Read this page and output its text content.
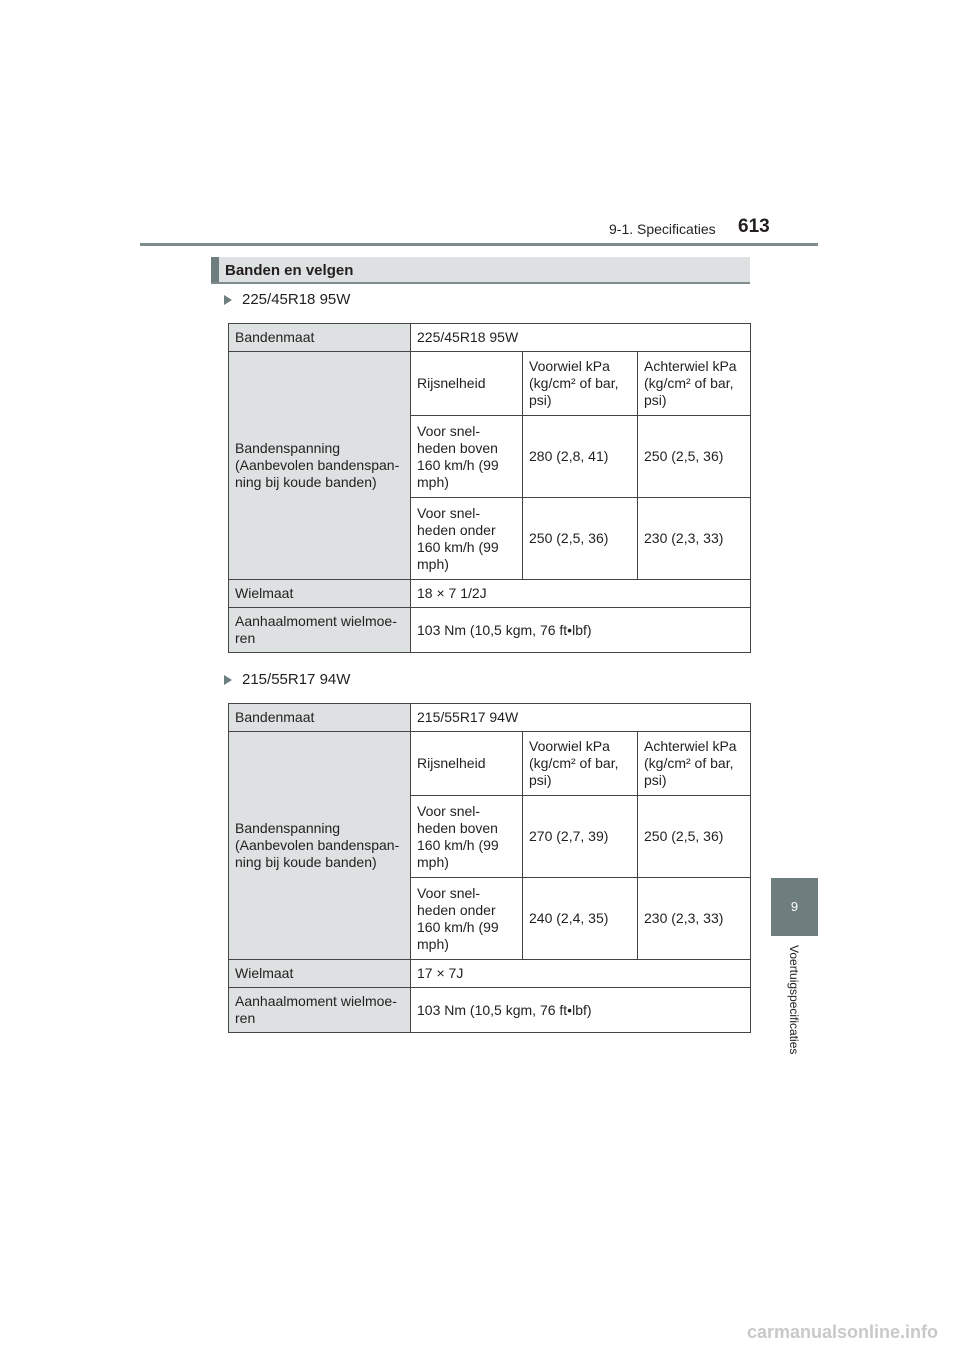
9-1. Specificaties 613
Banden en velgen
225/45R18 95W
Bandenmaat	225/45R18 95W		
Bandenspanning (Aanbevolen bandenspan-ning bij koude banden)	Rijsnelheid	Voorwiel kPa (kg/cm² of bar, psi)	Achterwiel kPa (kg/cm² of bar, psi)
	Voor snel-heden boven 160 km/h (99 mph)	280 (2,8, 41)	250 (2,5, 36)
	Voor snel-heden onder 160 km/h (99 mph)	250 (2,5, 36)	230 (2,3, 33)
Wielmaat	18 × 7 1/2J		
Aanhaalmoment wielmoe-ren	103 Nm (10,5 kgm, 76 ft•lbf)		
215/55R17 94W
Bandenmaat	215/55R17 94W		
Bandenspanning (Aanbevolen bandenspan-ning bij koude banden)	Rijsnelheid	Voorwiel kPa (kg/cm² of bar, psi)	Achterwiel kPa (kg/cm² of bar, psi)
	Voor snel-heden boven 160 km/h (99 mph)	270 (2,7, 39)	250 (2,5, 36)
	Voor snel-heden onder 160 km/h (99 mph)	240 (2,4, 35)	230 (2,3, 33)
Wielmaat	17 × 7J		
Aanhaalmoment wielmoe-ren	103 Nm (10,5 kgm, 76 ft•lbf)		
9
Voertuigspecificaties
carmanualsonline.info
